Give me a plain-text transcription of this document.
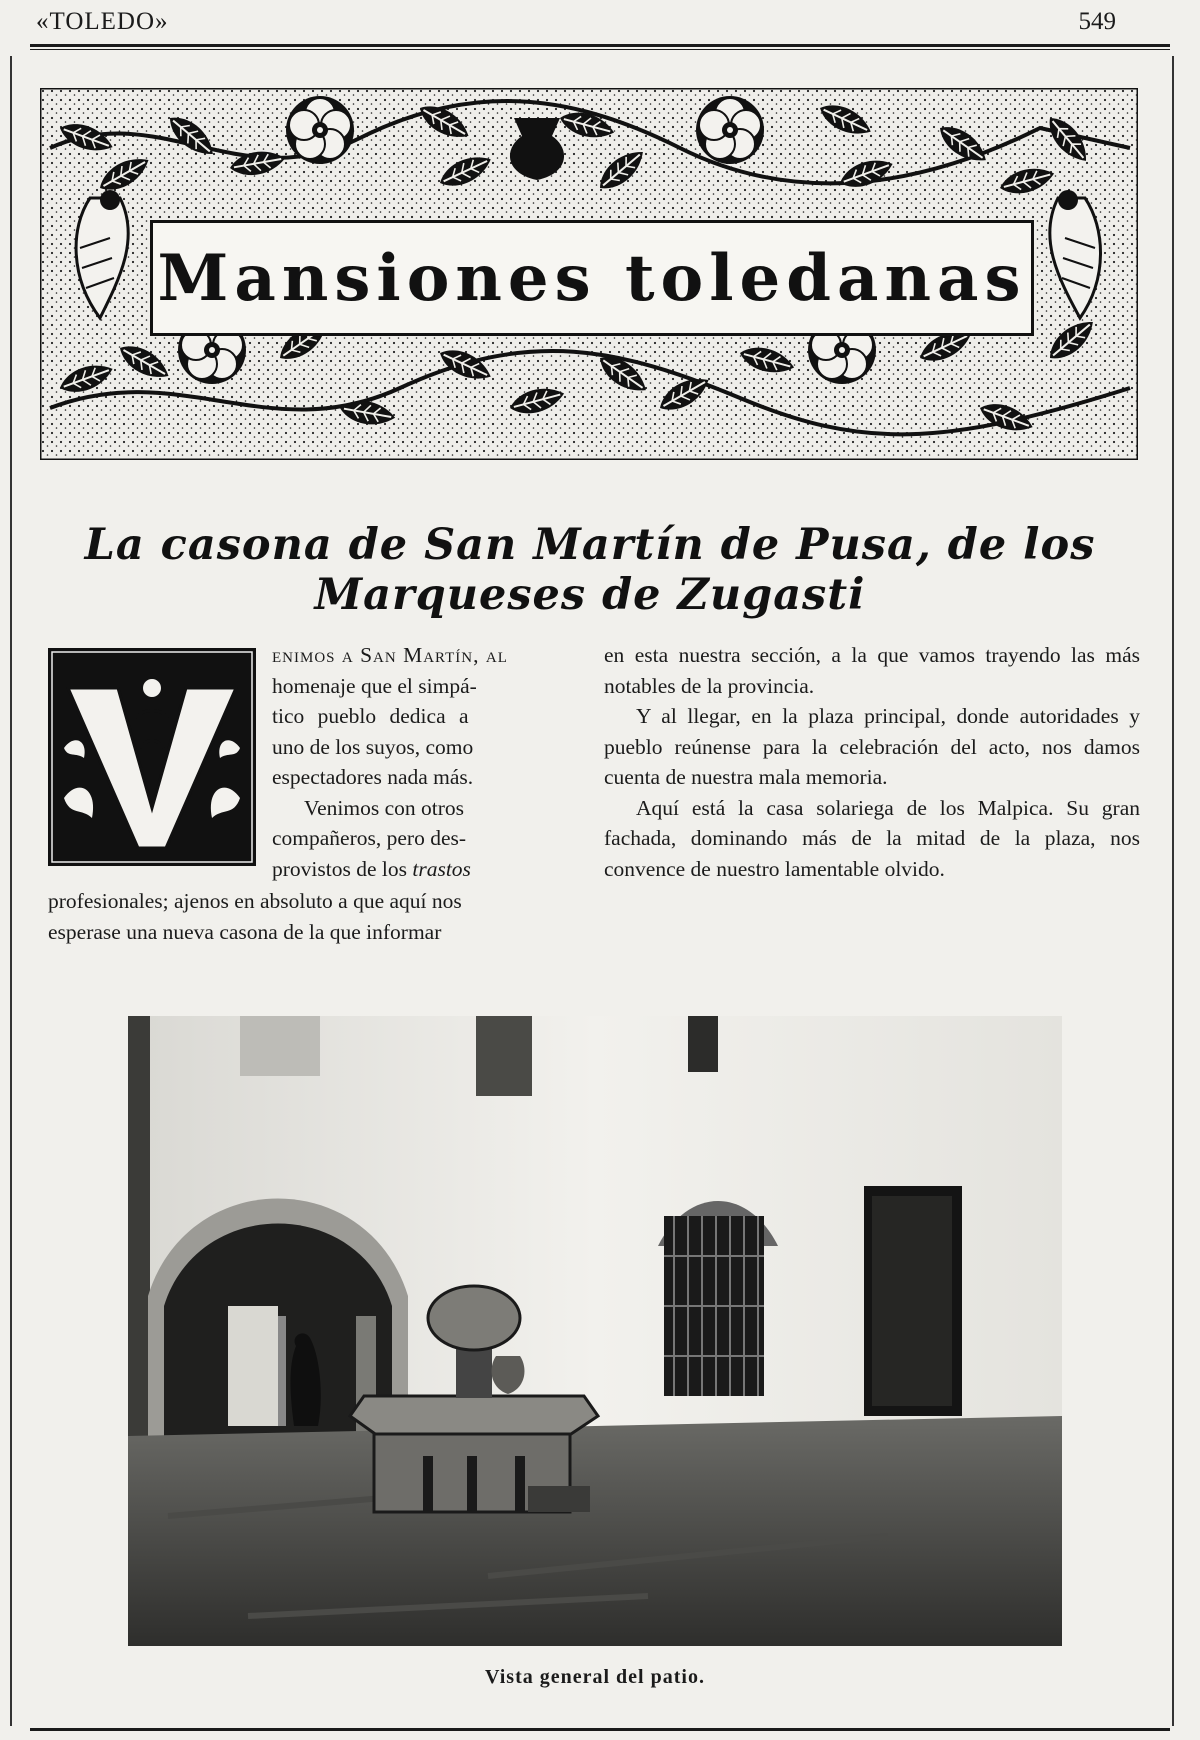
«TOLEDO»	549
Mansiones toledanas
La casona de San Martín de Pusa, de los Marqueses de Zugasti
V

enimos a San Martín, al

homenaje que el simpá-

tico pueblo dedica a

uno de los suyos, como

espectadores nada más.

Venimos con otros

compañeros, pero des-

provistos de los trastos

profesionales; ajenos en absoluto a que aquí nos

esperase una nueva casona de la que informar

en esta nuestra sección, a la que vamos trayendo las más notables de la provincia.

Y al llegar, en la plaza principal, donde autoridades y pueblo reúnense para la celebración del acto, nos damos cuenta de nuestra mala memoria.

Aquí está la casa solariega de los Malpica. Su gran fachada, dominando más de la mitad de la plaza, nos convence de nuestro lamentable olvido.

Vista general del patio.
